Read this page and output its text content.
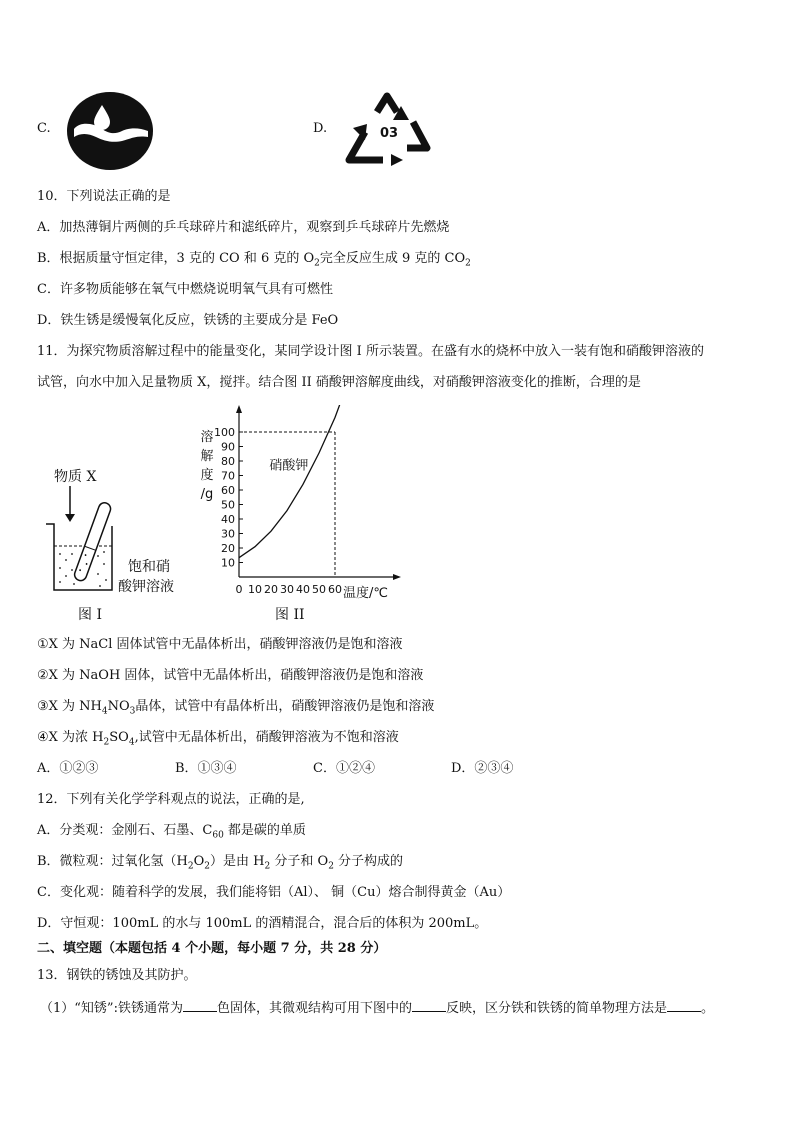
C.	D.	03
10．下列说法正确的是
A．加热薄铜片两侧的乒乓球碎片和滤纸碎片，观察到乒乓球碎片先燃烧
B．根据质量守恒定律，3 克的 CO 和 6 克的 $O_2$完全反应生成 9 克的 $CO_2$
C．许多物质能够在氧气中燃烧说明氧气具有可燃性
D．铁生锈是缓慢氧化反应，铁锈的主要成分是 FeO
11．为探究物质溶解过程中的能量变化，某同学设计图 I 所示装置。在盛有水的烧杯中放入一装有饱和硝酸钾溶液的
试管，向水中加入足量物质 X，搅拌。结合图 II 硝酸钾溶解度曲线，对硝酸钾溶液变化的推断，合理的是
物质 X
饱和硝
酸钾溶液
图 I
0 10 20 30 40 50 60
10
20
30
40
50
60
70
80
90
100
溶
解
度
/g
温度/℃
硝酸钾
图 II
①X 为 NaCl 固体试管中无晶体析出，硝酸钾溶液仍是饱和溶液
②X 为 NaOH 固体，试管中无晶体析出，硝酸钾溶液仍是饱和溶液
③X 为 $NH_4NO_3$晶体，试管中有晶体析出，硝酸钾溶液仍是饱和溶液
④X 为浓 $H_2SO_4$,试管中无晶体析出，硝酸钾溶液为不饱和溶液
A．①②③	B．①③④	C．①②④	D．②③④
12．下列有关化学学科观点的说法，正确的是,
A．分类观：金刚石、石墨、$C_{60}$ 都是碳的单质
B．微粒观：过氧化氢$(H_2O_2)$是由 $H_2$ 分子和 $O_2$ 分子构成的
C．变化观：随着科学的发展，我们能将铝（Al）、 铜（Cu）熔合制得黄金（Au）
D．守恒观：100mL 的水与 100mL 的酒精混合，混合后的体积为 200mL。
二、填空题（本题包括 4 个小题，每小题 7 分，共 28 分）
13．钢铁的锈蚀及其防护。
（1）“知锈”:铁锈通常为	色固体，其微观结构可用下图中的	反映，区分铁和铁锈的简单物理方法是	。
